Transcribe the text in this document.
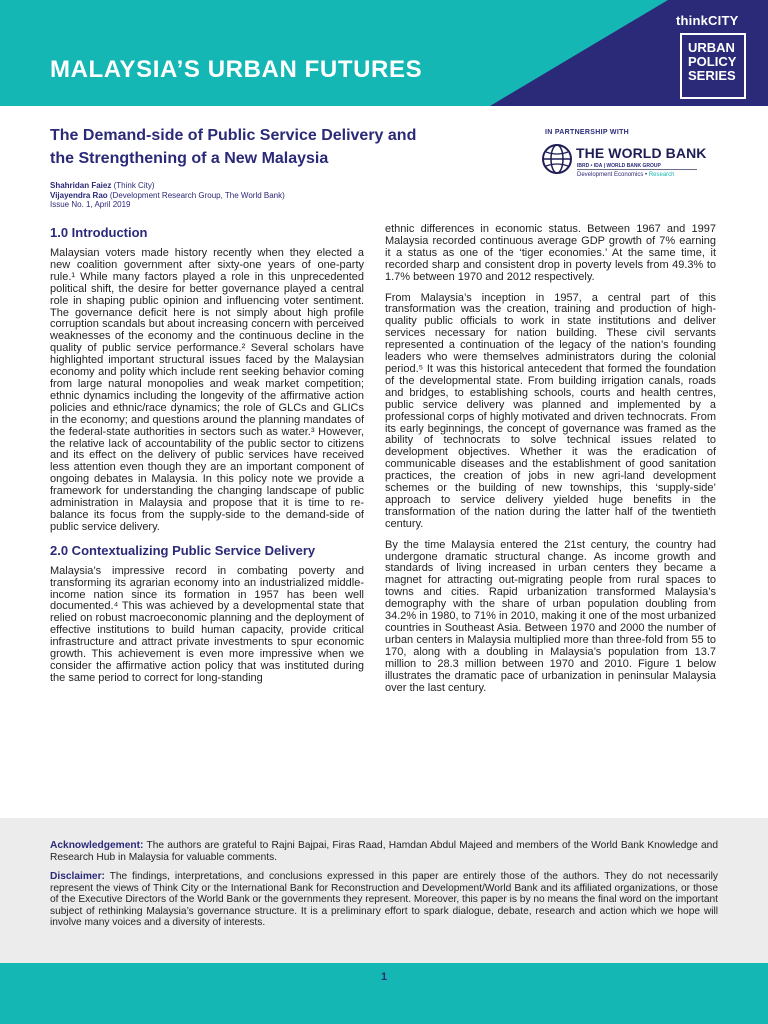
MALAYSIA’S URBAN FUTURES
thinkCITY
URBAN
POLICY
SERIES
The Demand-side of Public Service Delivery and
the Strengthening of a New Malaysia
IN PARTNERSHIP WITH
THE WORLD BANK
IBRD • IDA | WORLD BANK GROUP
Development Economics • Research
Shahridan Faiez (Think City)
Vijayendra Rao (Development Research Group, The World Bank)
Issue No. 1, April 2019
1.0 Introduction

Malaysian voters made history recently when they elected a new coalition government after sixty-one years of one-party rule.¹ While many factors played a role in this unprecedented political shift, the desire for better governance played a central role in shaping public opinion and influencing voter sentiment. The governance deficit here is not simply about high profile corruption scandals but about increasing concern with perceived weaknesses of the economy and the continuous decline in the quality of public service performance.² Several scholars have highlighted important structural issues faced by the Malaysian economy and polity which include rent seeking behavior coming from large natural monopolies and weak market competition; ethnic dynamics including the longevity of the affirmative action policies and ethnic/race dynamics; the role of GLCs and GLICs in the economy; and questions around the planning mandates of the federal-state authorities in sectors such as water.³ However, the relative lack of accountability of the public sector to citizens and its effect on the delivery of public services have received less attention even though they are an important component of ongoing debates in Malaysia. In this policy note we provide a framework for understanding the changing landscape of public administration in Malaysia and propose that it is time to re-balance its focus from the supply-side to the demand-side of public service delivery.

2.0 Contextualizing Public Service Delivery

Malaysia’s impressive record in combating poverty and transforming its agrarian economy into an industrialized middle-income nation since its formation in 1957 has been well documented.⁴ This was achieved by a developmental state that relied on robust macroeconomic planning and the deployment of effective institutions to build human capacity, provide critical infrastructure and attract private investments to spur economic growth. This achievement is even more impressive when we consider the affirmative action policy that was instituted during the same period to correct for long-standing

ethnic differences in economic status. Between 1967 and 1997 Malaysia recorded continuous average GDP growth of 7% earning it a status as one of the ‘tiger economies.’ At the same time, it recorded sharp and consistent drop in poverty levels from 49.3% to 1.7% between 1970 and 2012 respectively.

From Malaysia’s inception in 1957, a central part of this transformation was the creation, training and production of high-quality public officials to work in state institutions and deliver services necessary for nation building. These civil servants represented a continuation of the legacy of the nation’s founding leaders who were themselves administrators during the colonial period.⁵ It was this historical antecedent that formed the foundation of the developmental state. From building irrigation canals, roads and bridges, to establishing schools, courts and health centres, public service delivery was planned and implemented by a professional corps of highly motivated and driven technocrats. From its early beginnings, the concept of governance was framed as the ability of technocrats to solve technical issues related to development objectives. Whether it was the eradication of communicable diseases and the establishment of good sanitation practices, the creation of jobs in new agri-land development schemes or the building of new townships, this ‘supply-side’ approach to service delivery yielded huge benefits in the transformation of the nation during the latter half of the twentieth century.

By the time Malaysia entered the 21st century, the country had undergone dramatic structural change. As income growth and standards of living increased in urban centers they became a magnet for attracting out-migrating people from rural spaces to towns and cities. Rapid urbanization transformed Malaysia’s demography with the share of urban population doubling from 34.2% in 1980, to 71% in 2010, making it one of the most urbanized countries in Southeast Asia. Between 1970 and 2000 the number of urban centers in Malaysia multiplied more than three-fold from 55 to 170, along with a doubling in Malaysia’s population from 13.7 million to 28.3 million between 1970 and 2010. Figure 1 below illustrates the dramatic pace of urbanization in peninsular Malaysia over the last century.

Acknowledgement: The authors are grateful to Rajni Bajpai, Firas Raad, Hamdan Abdul Majeed and members of the World Bank Knowledge and Research Hub in Malaysia for valuable comments.

Disclaimer: The findings, interpretations, and conclusions expressed in this paper are entirely those of the authors. They do not necessarily represent the views of Think City or the International Bank for Reconstruction and Development/World Bank and its affiliated organizations, or those of the Executive Directors of the World Bank or the governments they represent. Moreover, this paper is by no means the final word on the important subject of rethinking Malaysia’s governance structure. It is a preliminary effort to spark dialogue, debate, research and action which we hope will involve many voices and a diversity of interests.

1
